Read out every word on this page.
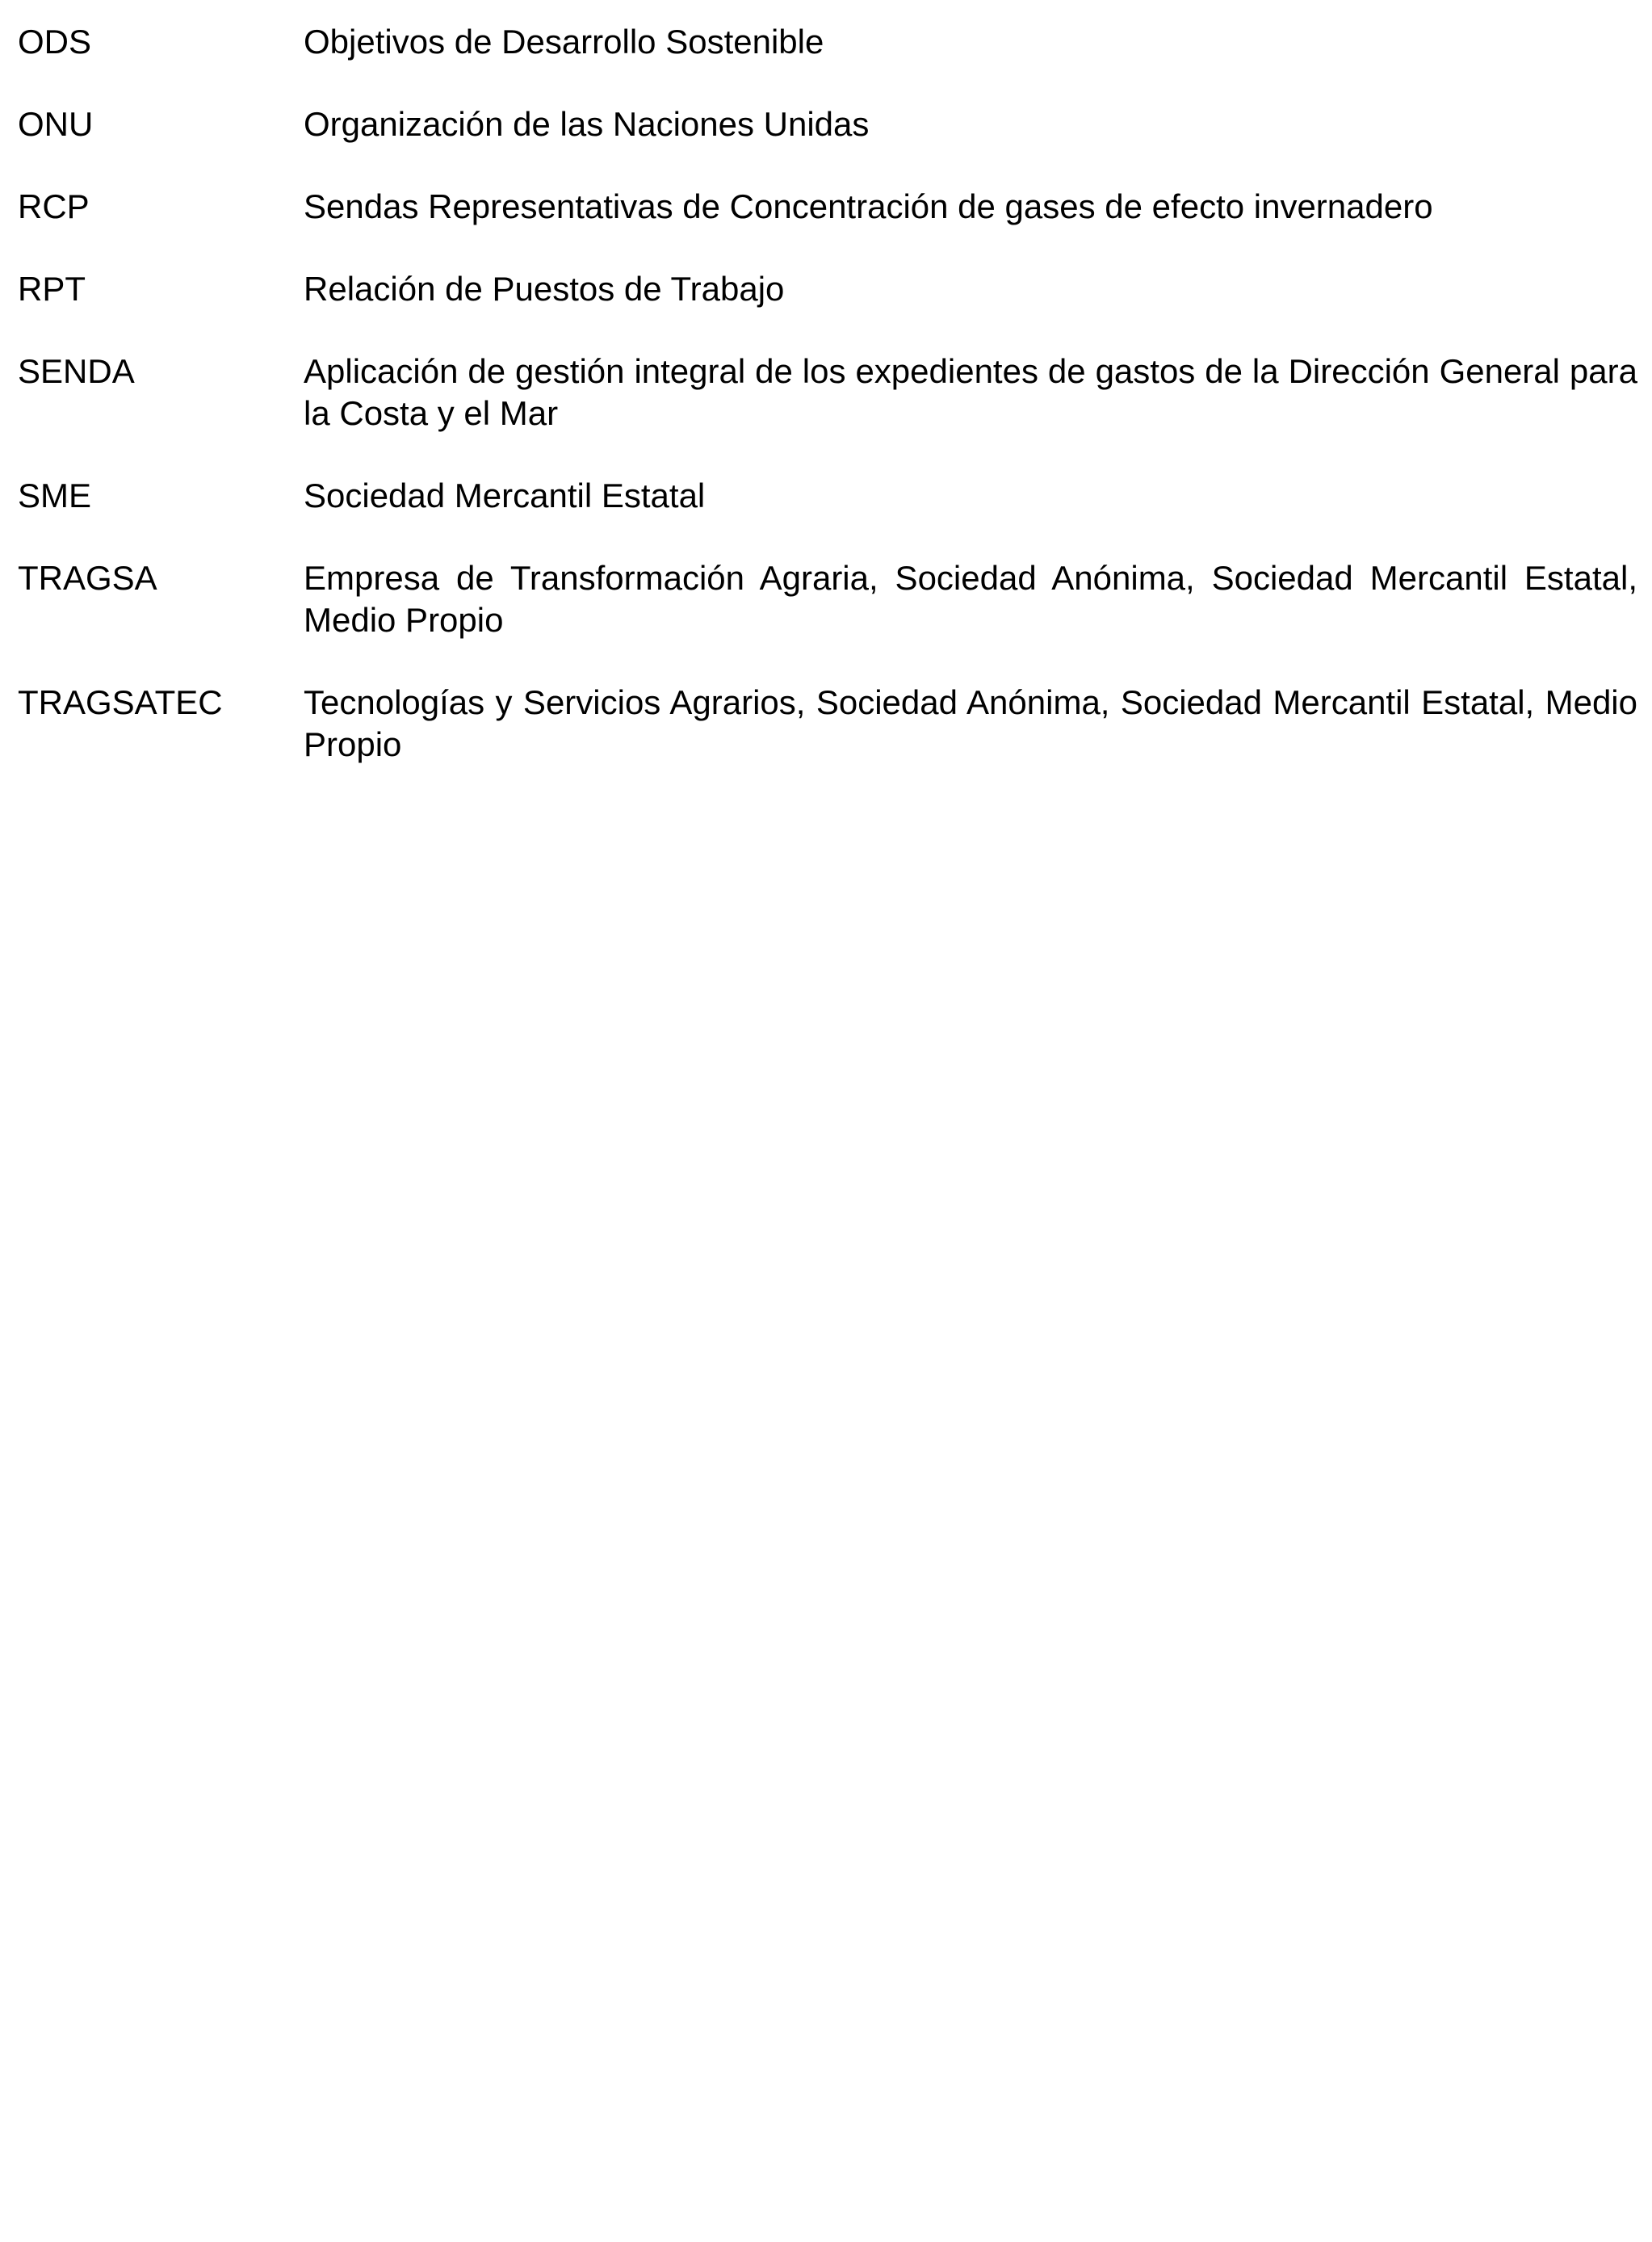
ODS	Objetivos de Desarrollo Sostenible
ONU	Organización de las Naciones Unidas
RCP	Sendas Representativas de Concentración de gases de efecto invernadero
RPT	Relación de Puestos de Trabajo
SENDA	Aplicación de gestión integral de los expedientes de gastos de la Dirección General para la Costa y el Mar
SME	Sociedad Mercantil Estatal
TRAGSA	Empresa de Transformación Agraria, Sociedad Anónima, Sociedad Mercantil Estatal, Medio Propio
TRAGSATEC	Tecnologías y Servicios Agrarios, Sociedad Anónima, Sociedad Mercantil Estatal, Medio Propio
